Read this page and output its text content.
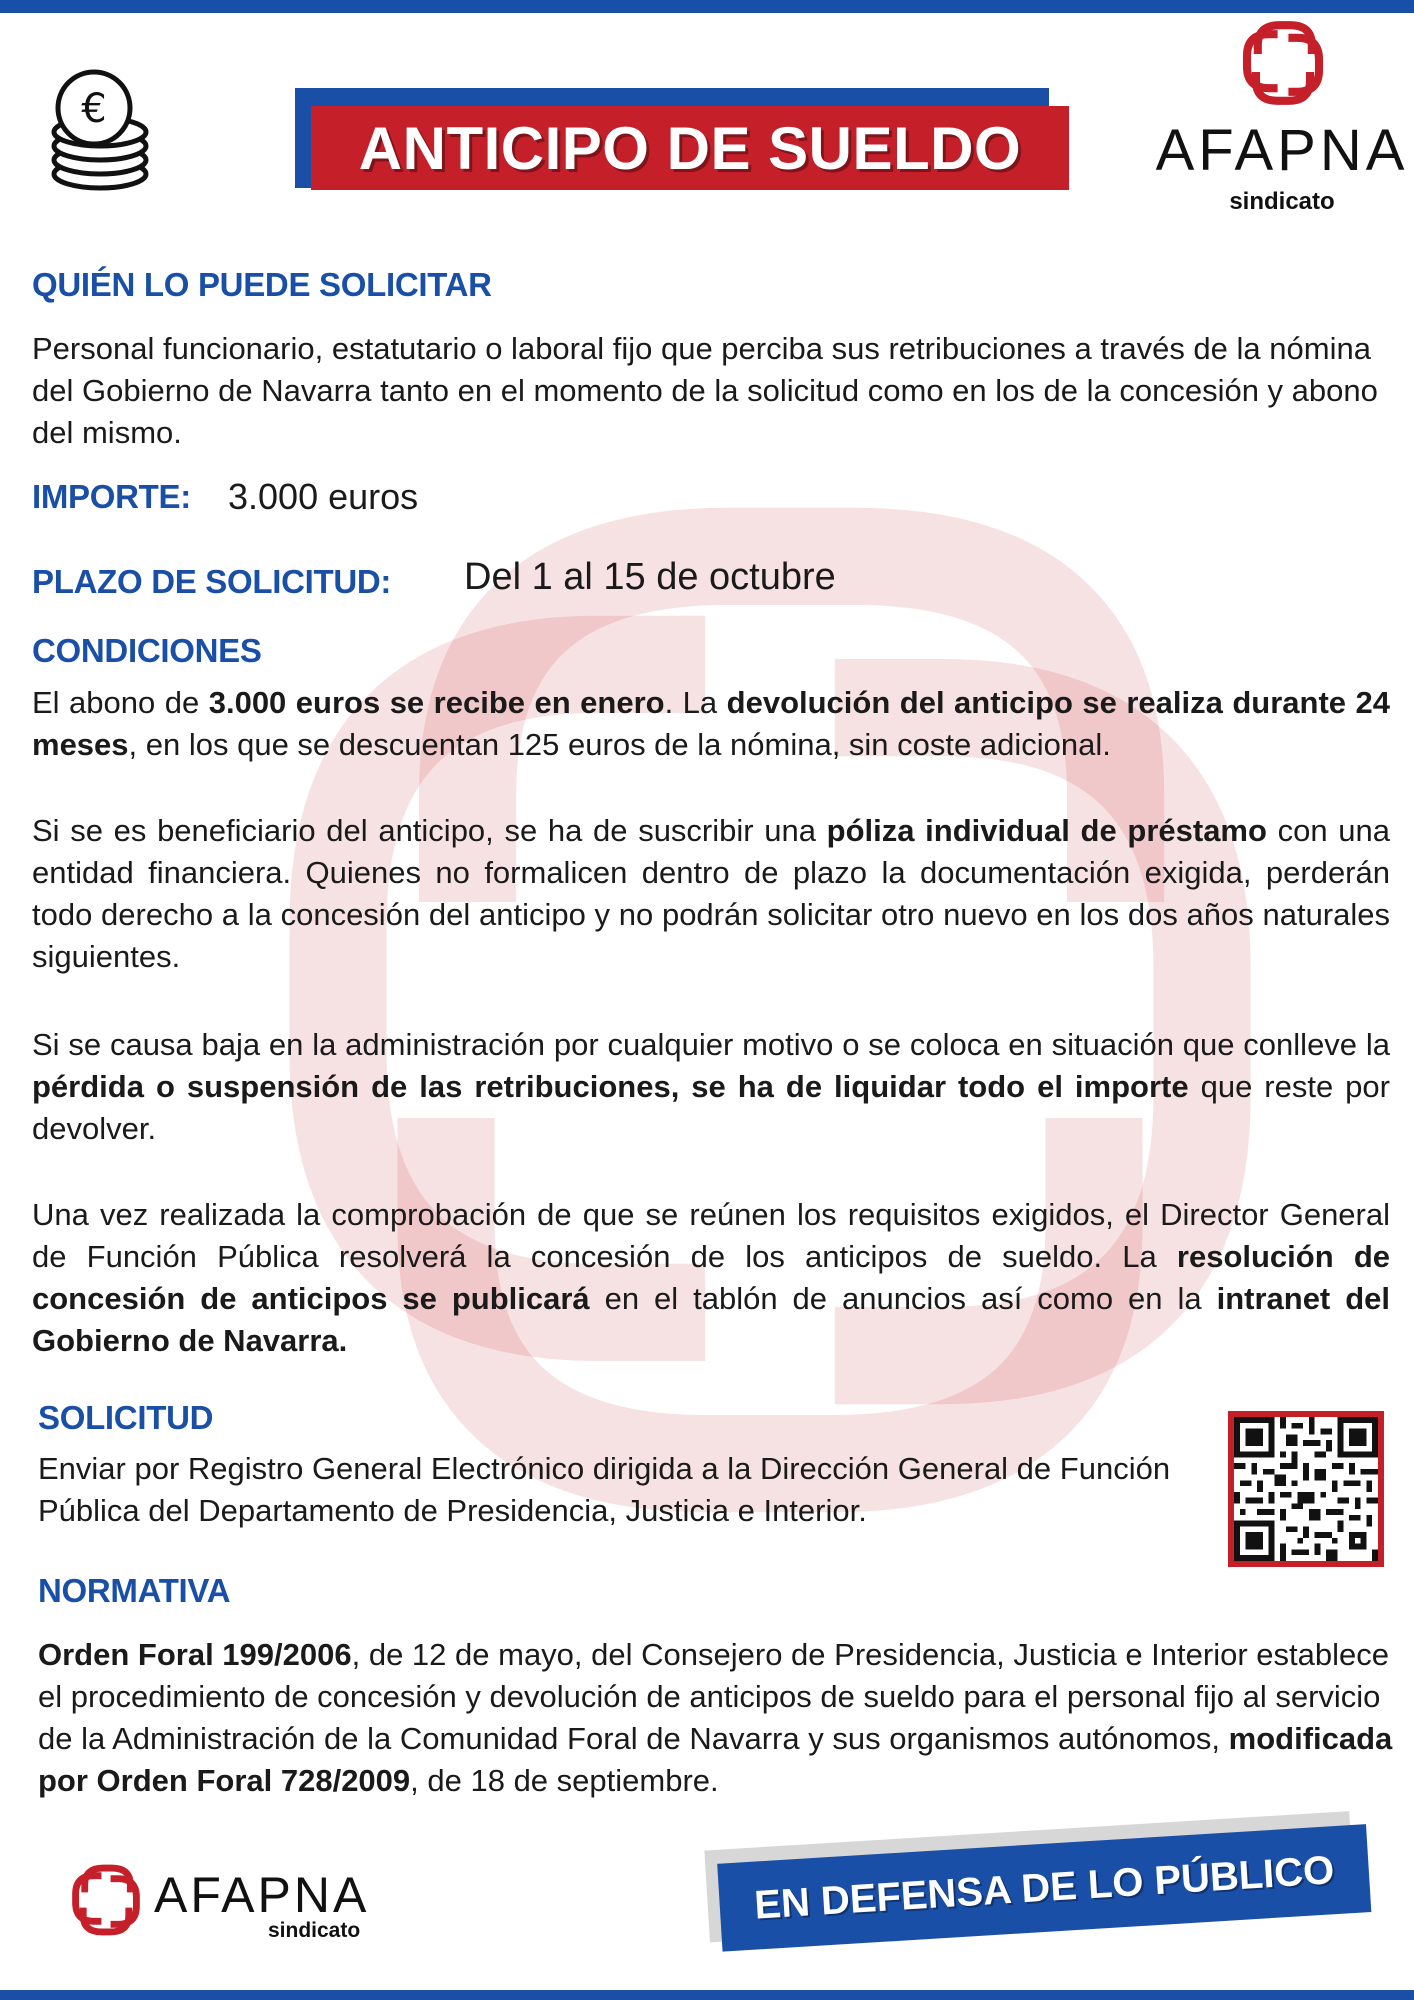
€
ANTICIPO DE SUELDO	AFAPNA
sindicato
QUIÉN LO PUEDE SOLICITAR
Personal funcionario, estatutario o laboral fijo que perciba sus retribuciones a través de la nómina del Gobierno de Navarra tanto en el momento de la solicitud como en los de la concesión y abono del mismo.
IMPORTE: 3.000 euros
PLAZO DE SOLICITUD: Del 1 al 15 de octubre
CONDICIONES
El abono de 3.000 euros se recibe en enero. La devolución del anticipo se realiza durante 24 meses, en los que se descuentan 125 euros de la nómina, sin coste adicional.
Si se es beneficiario del anticipo, se ha de suscribir una póliza individual de préstamo con una entidad financiera. Quienes no formalicen dentro de plazo la documentación exigida, perderán todo derecho a la concesión del anticipo y no podrán solicitar otro nuevo en los dos años naturales siguientes.
Si se causa baja en la administración por cualquier motivo o se coloca en situación que conlleve la pérdida o suspensión de las retribuciones, se ha de liquidar todo el importe que reste por devolver.
Una vez realizada la comprobación de que se reúnen los requisitos exigidos, el Director General de Función Pública resolverá la concesión de los anticipos de sueldo. La resolución de concesión de anticipos se publicará en el tablón de anuncios así como en la intranet del Gobierno de Navarra.
SOLICITUD
Enviar por Registro General Electrónico dirigida a la Dirección General de Función Pública del Departamento de Presidencia, Justicia e Interior.
NORMATIVA
Orden Foral 199/2006, de 12 de mayo, del Consejero de Presidencia, Justicia e Interior establece el procedimiento de concesión y devolución de anticipos de sueldo para el personal fijo al servicio de la Administración de la Comunidad Foral de Navarra y sus organismos autónomos, modificada por Orden Foral 728/2009, de 18 de septiembre.
AFAPNA
sindicato
EN DEFENSA DE LO PÚBLICO
